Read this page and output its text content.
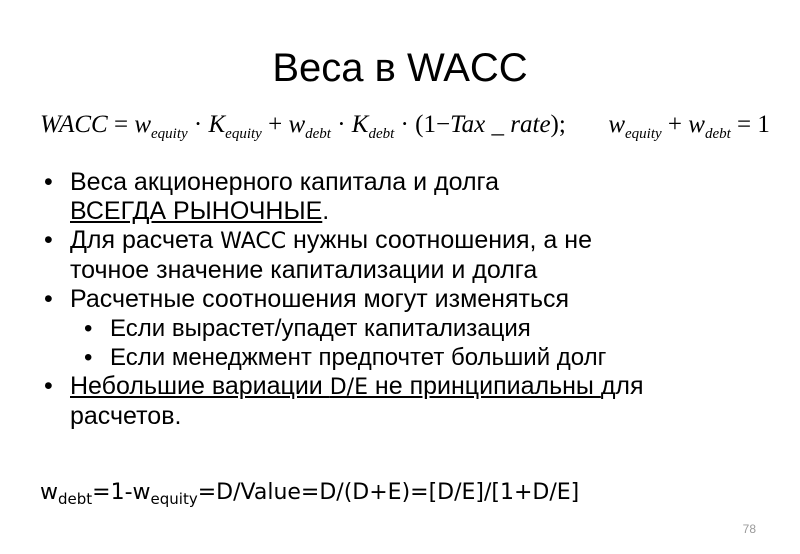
Веса в WACC
WACC = $w_{equity} \cdot K_{equity} + w_{debt} \cdot K_{debt} \cdot (1-Tax$ _ rate); $w_{equity} + w_{debt} = 1$
• Веса акционерного капитала и долга
ВСЕГДА РЫНОЧНЫЕ.
• Для расчета WACC нужны соотношения, а не
точное значение капитализации и долга
• Расчетные соотношения могут изменяться
• Если вырастет/упадет капитализация
• Если менеджмент предпочтет больший долг
• Небольшие вариации D/E не принципиальны для
расчетов.
$w_{debt}=1-w_{equity}=D/Value=D/(D+E)=[D/E]/[1+D/E]$
78
